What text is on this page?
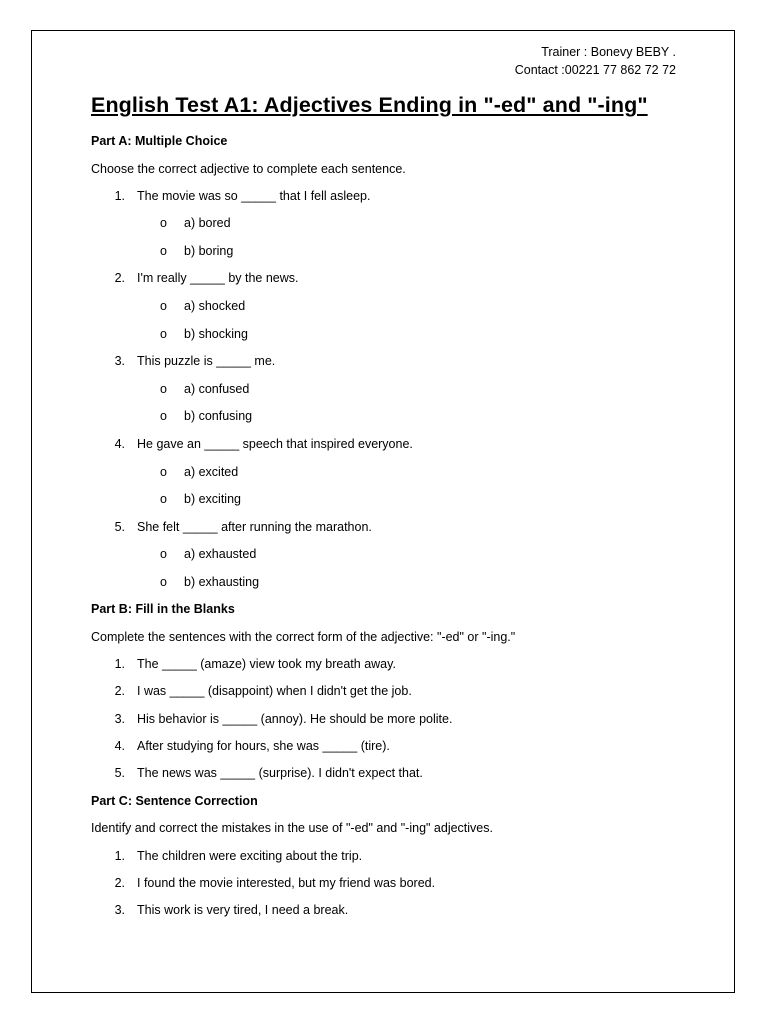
Trainer : Bonevy BEBY .
Contact :00221 77 862 72 72
English Test A1: Adjectives Ending in "-ed" and "-ing"
Part A: Multiple Choice
Choose the correct adjective to complete each sentence.
1. The movie was so _____ that I fell asleep.
o a) bored
o b) boring
2. I'm really _____ by the news.
o a) shocked
o b) shocking
3. This puzzle is _____ me.
o a) confused
o b) confusing
4. He gave an _____ speech that inspired everyone.
o a) excited
o b) exciting
5. She felt _____ after running the marathon.
o a) exhausted
o b) exhausting
Part B: Fill in the Blanks
Complete the sentences with the correct form of the adjective: "-ed" or "-ing."
1. The _____ (amaze) view took my breath away.
2. I was _____ (disappoint) when I didn't get the job.
3. His behavior is _____ (annoy). He should be more polite.
4. After studying for hours, she was _____ (tire).
5. The news was _____ (surprise). I didn't expect that.
Part C: Sentence Correction
Identify and correct the mistakes in the use of "-ed" and "-ing" adjectives.
1. The children were exciting about the trip.
2. I found the movie interested, but my friend was bored.
3. This work is very tired, I need a break.
